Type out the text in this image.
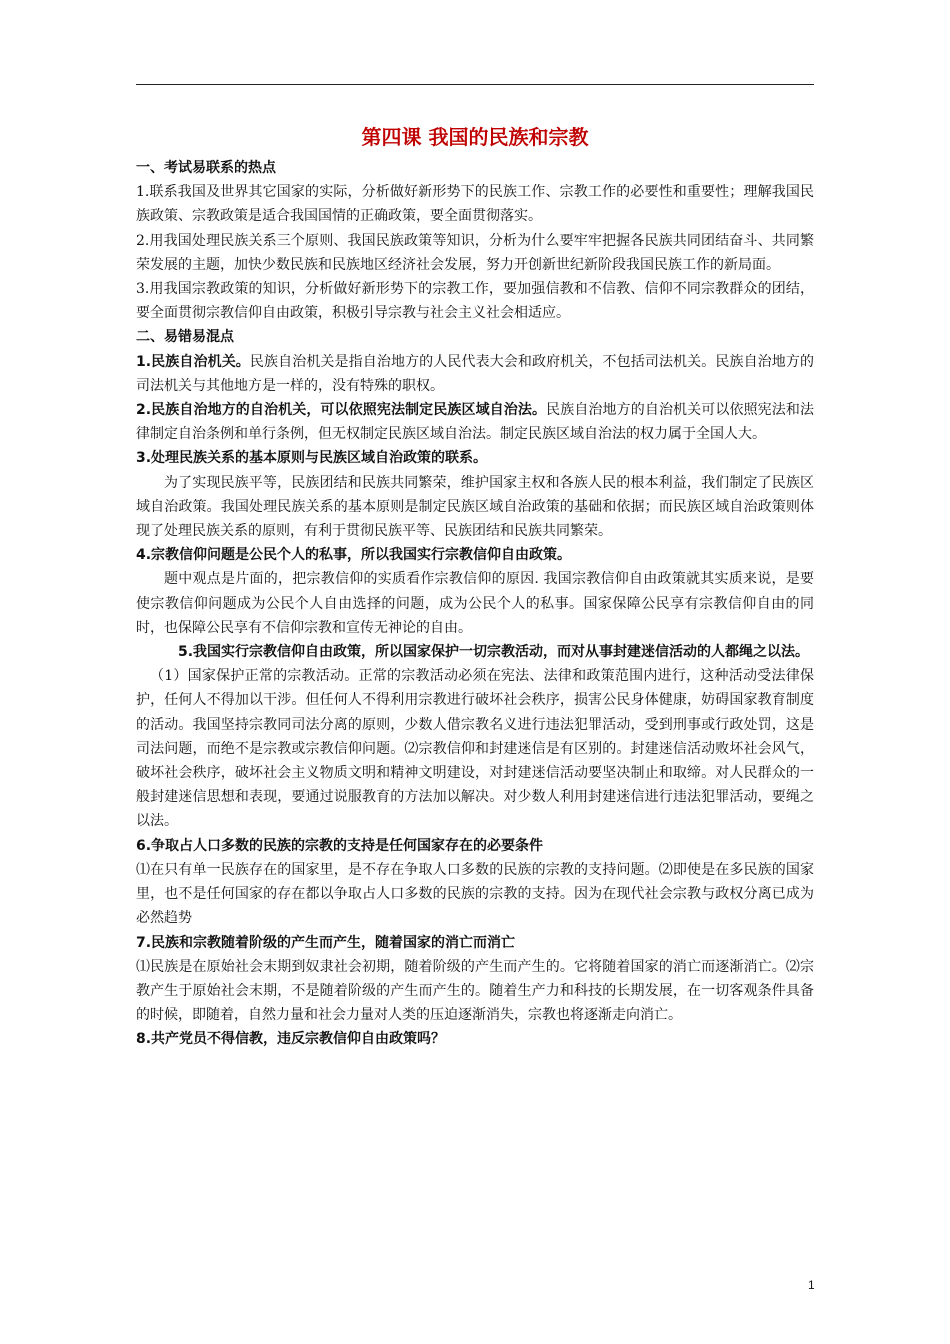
第四课 我国的民族和宗教

一、考试易联系的热点

1.联系我国及世界其它国家的实际，分析做好新形势下的民族工作、宗教工作的必要性和重要性；理解我国民族政策、宗教政策是适合我国国情的正确政策，要全面贯彻落实。

2.用我国处理民族关系三个原则、我国民族政策等知识，分析为什么要牢牢把握各民族共同团结奋斗、共同繁荣发展的主题，加快少数民族和民族地区经济社会发展，努力开创新世纪新阶段我国民族工作的新局面。

3.用我国宗教政策的知识，分析做好新形势下的宗教工作，要加强信教和不信教、信仰不同宗教群众的团结，要全面贯彻宗教信仰自由政策，积极引导宗教与社会主义社会相适应。

二、易错易混点

1.民族自治机关。民族自治机关是指自治地方的人民代表大会和政府机关，不包括司法机关。民族自治地方的司法机关与其他地方是一样的，没有特殊的职权。

2.民族自治地方的自治机关，可以依照宪法制定民族区域自治法。民族自治地方的自治机关可以依照宪法和法律制定自治条例和单行条例，但无权制定民族区域自治法。制定民族区域自治法的权力属于全国人大。

3.处理民族关系的基本原则与民族区域自治政策的联系。

为了实现民族平等，民族团结和民族共同繁荣，维护国家主权和各族人民的根本利益，我们制定了民族区域自治政策。我国处理民族关系的基本原则是制定民族区域自治政策的基础和依据；而民族区域自治政策则体现了处理民族关系的原则，有利于贯彻民族平等、民族团结和民族共同繁荣。

4.宗教信仰问题是公民个人的私事，所以我国实行宗教信仰自由政策。

题中观点是片面的，把宗教信仰的实质看作宗教信仰的原因. 我国宗教信仰自由政策就其实质来说，是要使宗教信仰问题成为公民个人自由选择的问题，成为公民个人的私事。国家保障公民享有宗教信仰自由的同时，也保障公民享有不信仰宗教和宣传无神论的自由。

5.我国实行宗教信仰自由政策，所以国家保护一切宗教活动，而对从事封建迷信活动的人都绳之以法。

（1）国家保护正常的宗教活动。正常的宗教活动必须在宪法、法律和政策范围内进行，这种活动受法律保护，任何人不得加以干涉。但任何人不得利用宗教进行破坏社会秩序，损害公民身体健康，妨碍国家教育制度的活动。我国坚持宗教同司法分离的原则，少数人借宗教名义进行违法犯罪活动，受到刑事或行政处罚，这是司法问题，而绝不是宗教或宗教信仰问题。⑵宗教信仰和封建迷信是有区别的。封建迷信活动败坏社会风气，破坏社会秩序，破坏社会主义物质文明和精神文明建设，对封建迷信活动要坚决制止和取缔。对人民群众的一般封建迷信思想和表现，要通过说服教育的方法加以解决。对少数人利用封建迷信进行违法犯罪活动，要绳之以法。

6.争取占人口多数的民族的宗教的支持是任何国家存在的必要条件

⑴在只有单一民族存在的国家里，是不存在争取人口多数的民族的宗教的支持问题。⑵即使是在多民族的国家里，也不是任何国家的存在都以争取占人口多数的民族的宗教的支持。因为在现代社会宗教与政权分离已成为必然趋势

7.民族和宗教随着阶级的产生而产生，随着国家的消亡而消亡

⑴民族是在原始社会末期到奴隶社会初期，随着阶级的产生而产生的。它将随着国家的消亡而逐渐消亡。⑵宗教产生于原始社会末期，不是随着阶级的产生而产生的。随着生产力和科技的长期发展，在一切客观条件具备的时候，即随着，自然力量和社会力量对人类的压迫逐渐消失，宗教也将逐渐走向消亡。

8.共产党员不得信教，违反宗教信仰自由政策吗？

1
